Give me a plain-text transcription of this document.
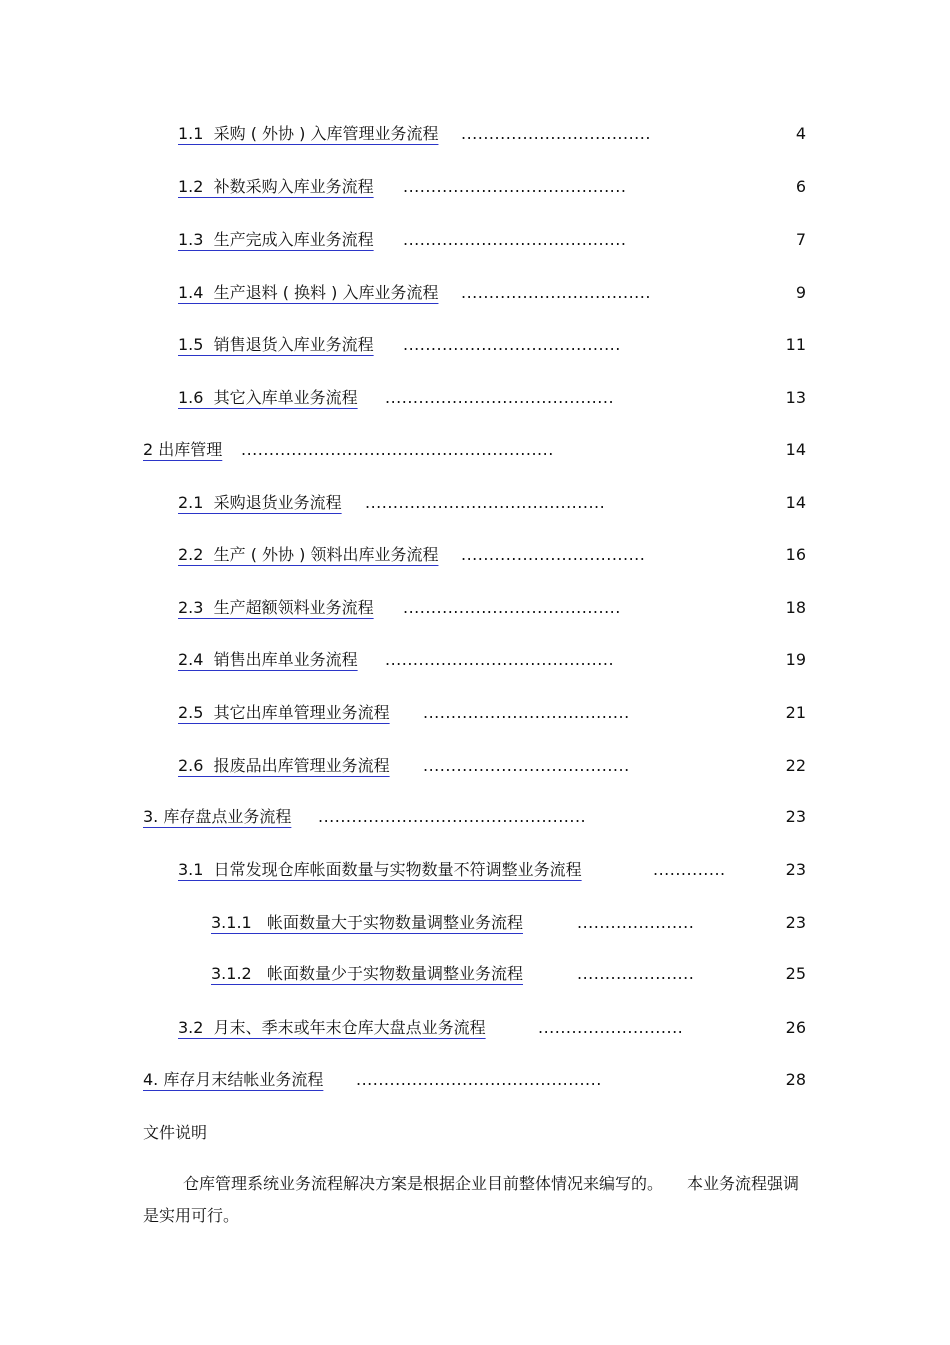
1.1  采购 ( 外协 ) 入库管理业务流程 ..................................	4
1.2  补数采购入库业务流程 ........................................	6
1.3  生产完成入库业务流程 ........................................	7
1.4  生产退料 ( 换料 ) 入库业务流程 ..................................	9
1.5  销售退货入库业务流程 .......................................	11
1.6  其它入库单业务流程 .........................................	13
2 出库管理 ........................................................	14
2.1  采购退货业务流程 ...........................................	14
2.2  生产 ( 外协 ) 领料出库业务流程 .................................	16
2.3  生产超额领料业务流程 .......................................	18
2.4  销售出库单业务流程 .........................................	19
2.5  其它出库单管理业务流程 .....................................	21
2.6  报废品出库管理业务流程 .....................................	22
3. 库存盘点业务流程 ................................................	23
3.1  日常发现仓库帐面数量与实物数量不符调整业务流程	.............	23
3.1.1   帐面数量大于实物数量调整业务流程	.....................	23
3.1.2   帐面数量少于实物数量调整业务流程	.....................	25
3.2  月末、季末或年末仓库大盘点业务流程	..........................	26
4. 库存月末结帐业务流程 ............................................	28
文件说明
仓库管理系统业务流程解决方案是根据企业目前整体情况来编写的。　　本业务流程强调是实用可行。
